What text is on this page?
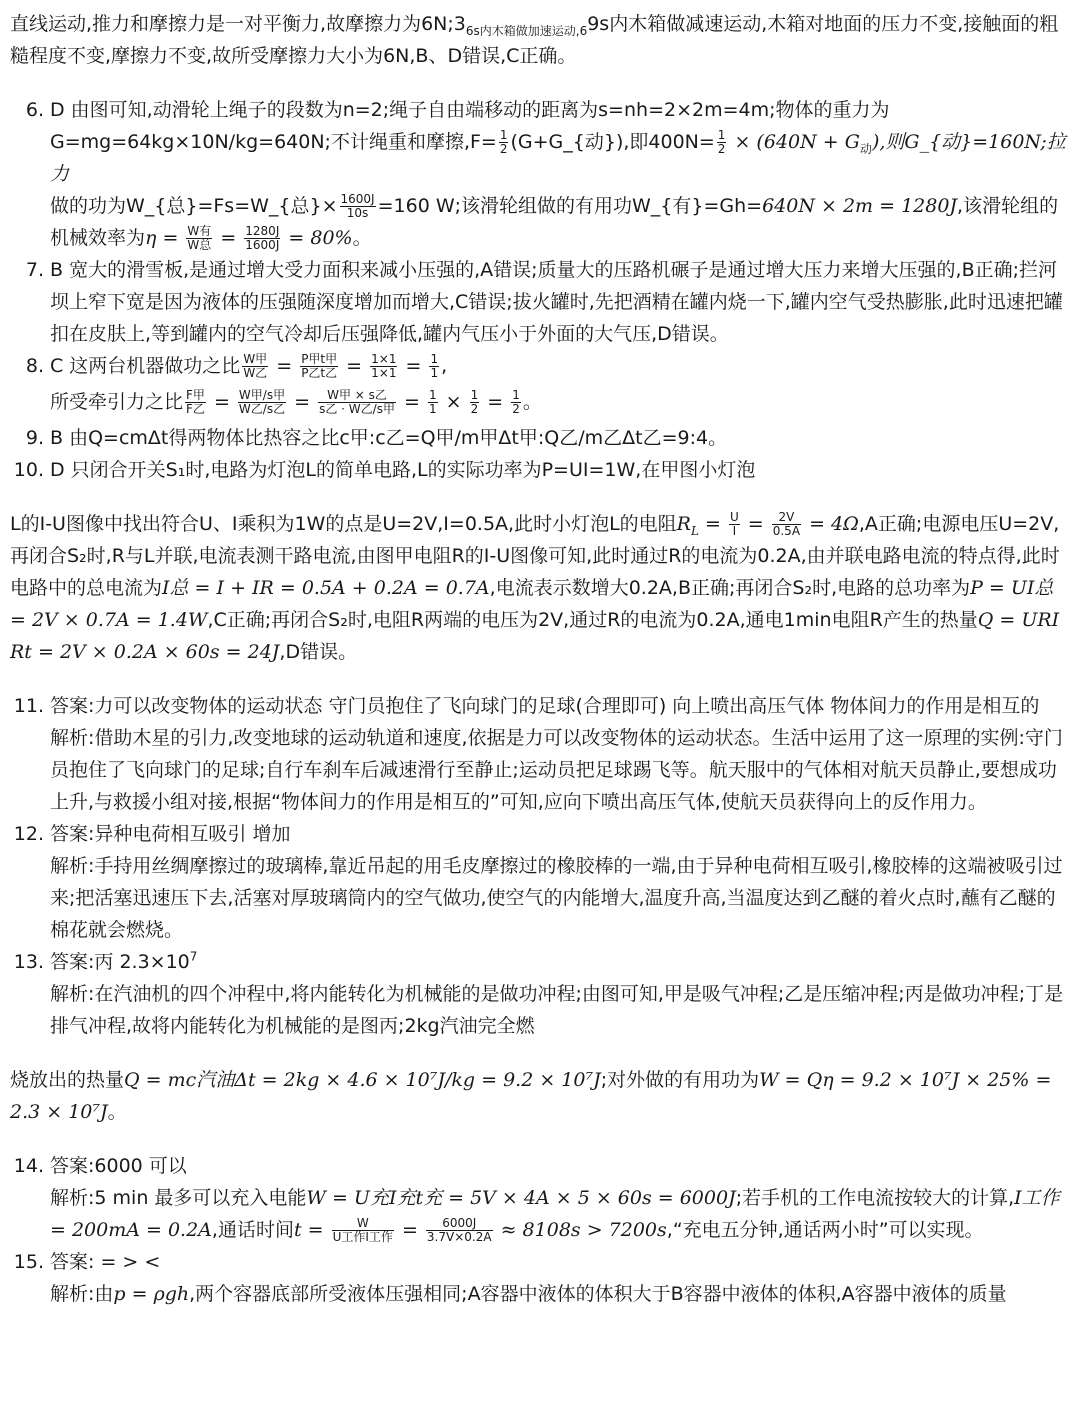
直线运动,推力和摩擦力是一对平衡力,故摩擦力为$6N;3_{6s内木箱做加速运动,6}9s$内木箱做减速运动,木箱对地面的压力不变,接触面的粗糙程度不变,摩擦力不变,故所受摩擦力大小为6N,B、D错误,C正确。

6. D 由图可知,动滑轮上绳子的段数为n=2;绳子自由端移动的距离为s=nh=2×2m=4m;物体的重力为
G=mg=64kg×10N/kg=640N;不计绳重和摩擦$,F= \frac{1}{2}$ (G+G_{动}),即$400N= \frac{1}{2} \times (640N + G_动)$,则G_{动}=160N;拉力
做的功为W_{总}=Fs=W_{总}× $\frac{1600J}{10s} =160$ W;该滑轮组做的有用功W_{有}=Gh=640N × 2m = 1280J,该滑轮组的
机械效率为$\eta = \frac{\text{W有}}{\text{W总}} = \frac{1280J}{1600J} = 80\%$。
7. B 宽大的滑雪板,是通过增大受力面积来减小压强的,A错误;质量大的压路机碾子是通过增大压力来增大压强的,B正确;拦河坝上窄下宽是因为液体的压强随深度增加而增大,C错误;拔火罐时,先把酒精在罐内烧一下,罐内空气受热膨胀,此时迅速把罐扣在皮肤上,等到罐内的空气冷却后压强降低,罐内气压小于外面的大气压,D错误。
8. C 这两台机器做功之比 $\frac{\text{W甲}}{\text{W乙}} = \frac{\text{P甲t甲}}{\text{P乙t乙}} = \frac{1\times 1}{1\times 1} = \frac{1}{1}$ ,
所受牵引力之比 $\frac{\text{F甲}}{\text{F乙}} = \frac{\text{W甲/s甲}}{\text{W乙/s乙}} = \frac{\text{W甲 × s乙}}{\text{s乙 · W乙/s甲}} = \frac{1}{1} \times \frac{1}{2} = \frac{1}{2}$ 。
9. B 由Q=cmΔt得两物体比热容之比c甲:c乙=Q甲/m甲Δt甲:Q乙/m乙Δt乙=9:4。
10. D 只闭合开关S₁时,电路为灯泡L的简单电路,L的实际功率为P=UI=1W,在甲图小灯泡

L的I-U图像中找出符合U、I乘积为1W的点是U=2V,I=0.5A,此时小灯泡L的电阻$R_L = \frac{U}{I} = \frac{2V}{0.5A} = 4\Omega,A$正确;电源电压U=2V,再闭合S₂时,R与L并联,电流表测干路电流,由图甲电阻R的I-U图像可知,此时通过R的电流为0.2A,由并联电路电流的特点得,此时电路中的总电流为I总 = I + IR = 0.5A + 0.2A = 0.7A,电流表示数增大0.2A,B正确;再闭合S₂时,电路的总功率为P = UI总 = 2V × 0.7A = 1.4W,C正确;再闭合S₂时,电阻R两端的电压为2V,通过R的电流为0.2A,通电1min电阻R产生的热量Q = URIRt = 2V × 0.2A × 60s = 24J,D错误。

11. 答案:力可以改变物体的运动状态 守门员抱住了飞向球门的足球(合理即可) 向上喷出高压气体 物体间力的作用是相互的
解析:借助木星的引力,改变地球的运动轨道和速度,依据是力可以改变物体的运动状态。生活中运用了这一原理的实例:守门员抱住了飞向球门的足球;自行车刹车后减速滑行至静止;运动员把足球踢飞等。航天服中的气体相对航天员静止,要想成功上升,与救援小组对接,根据“物体间力的作用是相互的”可知,应向下喷出高压气体,使航天员获得向上的反作用力。
12. 答案:异种电荷相互吸引 增加
解析:手持用丝绸摩擦过的玻璃棒,靠近吊起的用毛皮摩擦过的橡胶棒的一端,由于异种电荷相互吸引,橡胶棒的这端被吸引过来;把活塞迅速压下去,活塞对厚玻璃筒内的空气做功,使空气的内能增大,温度升高,当温度达到乙醚的着火点时,蘸有乙醚的棉花就会燃烧。
13. 答案:丙 $2.3\times 10^7$
解析:在汽油机的四个冲程中,将内能转化为机械能的是做功冲程;由图可知,甲是吸气冲程;乙是压缩冲程;丙是做功冲程;丁是排气冲程,故将内能转化为机械能的是图丙;2kg汽油完全燃

烧放出的热量Q = mc汽油Δt = 2kg × 4.6 × 10⁷J/kg = 9.2 × 10⁷J;对外做的有用功为W = Qη = 9.2 × 10⁷J × 25% = 2.3 × 10⁷J。

14. 答案:6000 可以
解析:5 min 最多可以充入电能W = U充I充t充 = 5V × 4A × 5 × 60s = 6000J;若手机的工作电流按较大的计算,I工作 = 200mA = 0.2A,通话时间$t = \frac{W}{\text{U工作I工作}} = \frac{6000J}{3.7V\times 0.2A} \approx 8108s$ > 7200s,“充电五分钟,通话两小时”可以实现。
15. 答案: = > <
解析:由p = ρgh,两个容器底部所受液体压强相同;A容器中液体的体积大于B容器中液体的体积,A容器中液体的质量
